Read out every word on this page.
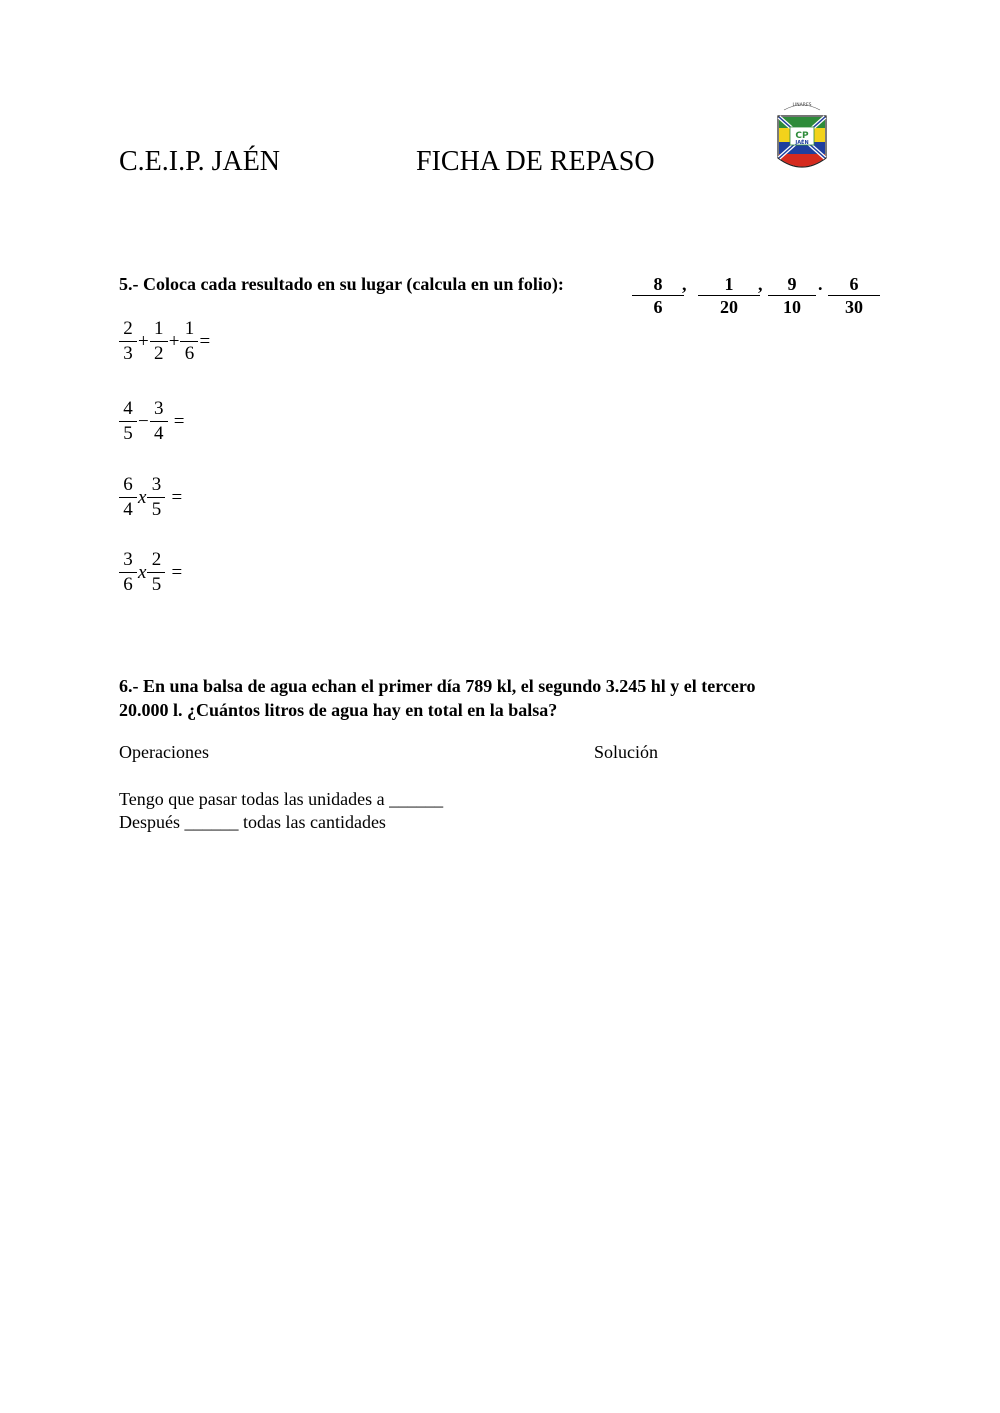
C.E.I.P. JAÉN	FICHA DE REPASO
LINARES
CP
JAÉN
5.- Coloca cada resultado en su lugar (calcula en un folio):	$\frac{8}{6}$
, $\frac{1}{20}$
, $\frac{9}{10}$ . $\frac{6}{30}$
$\frac{2}{3} + \frac{1}{2} + \frac{1}{6}$ =
$\frac{4}{5} - \frac{3}{4}$ =
$\frac{6}{4}$ x $\frac{3}{5}$ =
$\frac{3}{6}$ x $\frac{2}{5}$ =
6.- En una balsa de agua echan el primer día 789 kl, el segundo 3.245 hl y el tercero
20.000 l. ¿Cuántos litros de agua hay en total en la balsa?
Operaciones	Solución
Tengo que pasar todas las unidades a ______
Después ______ todas las cantidades
